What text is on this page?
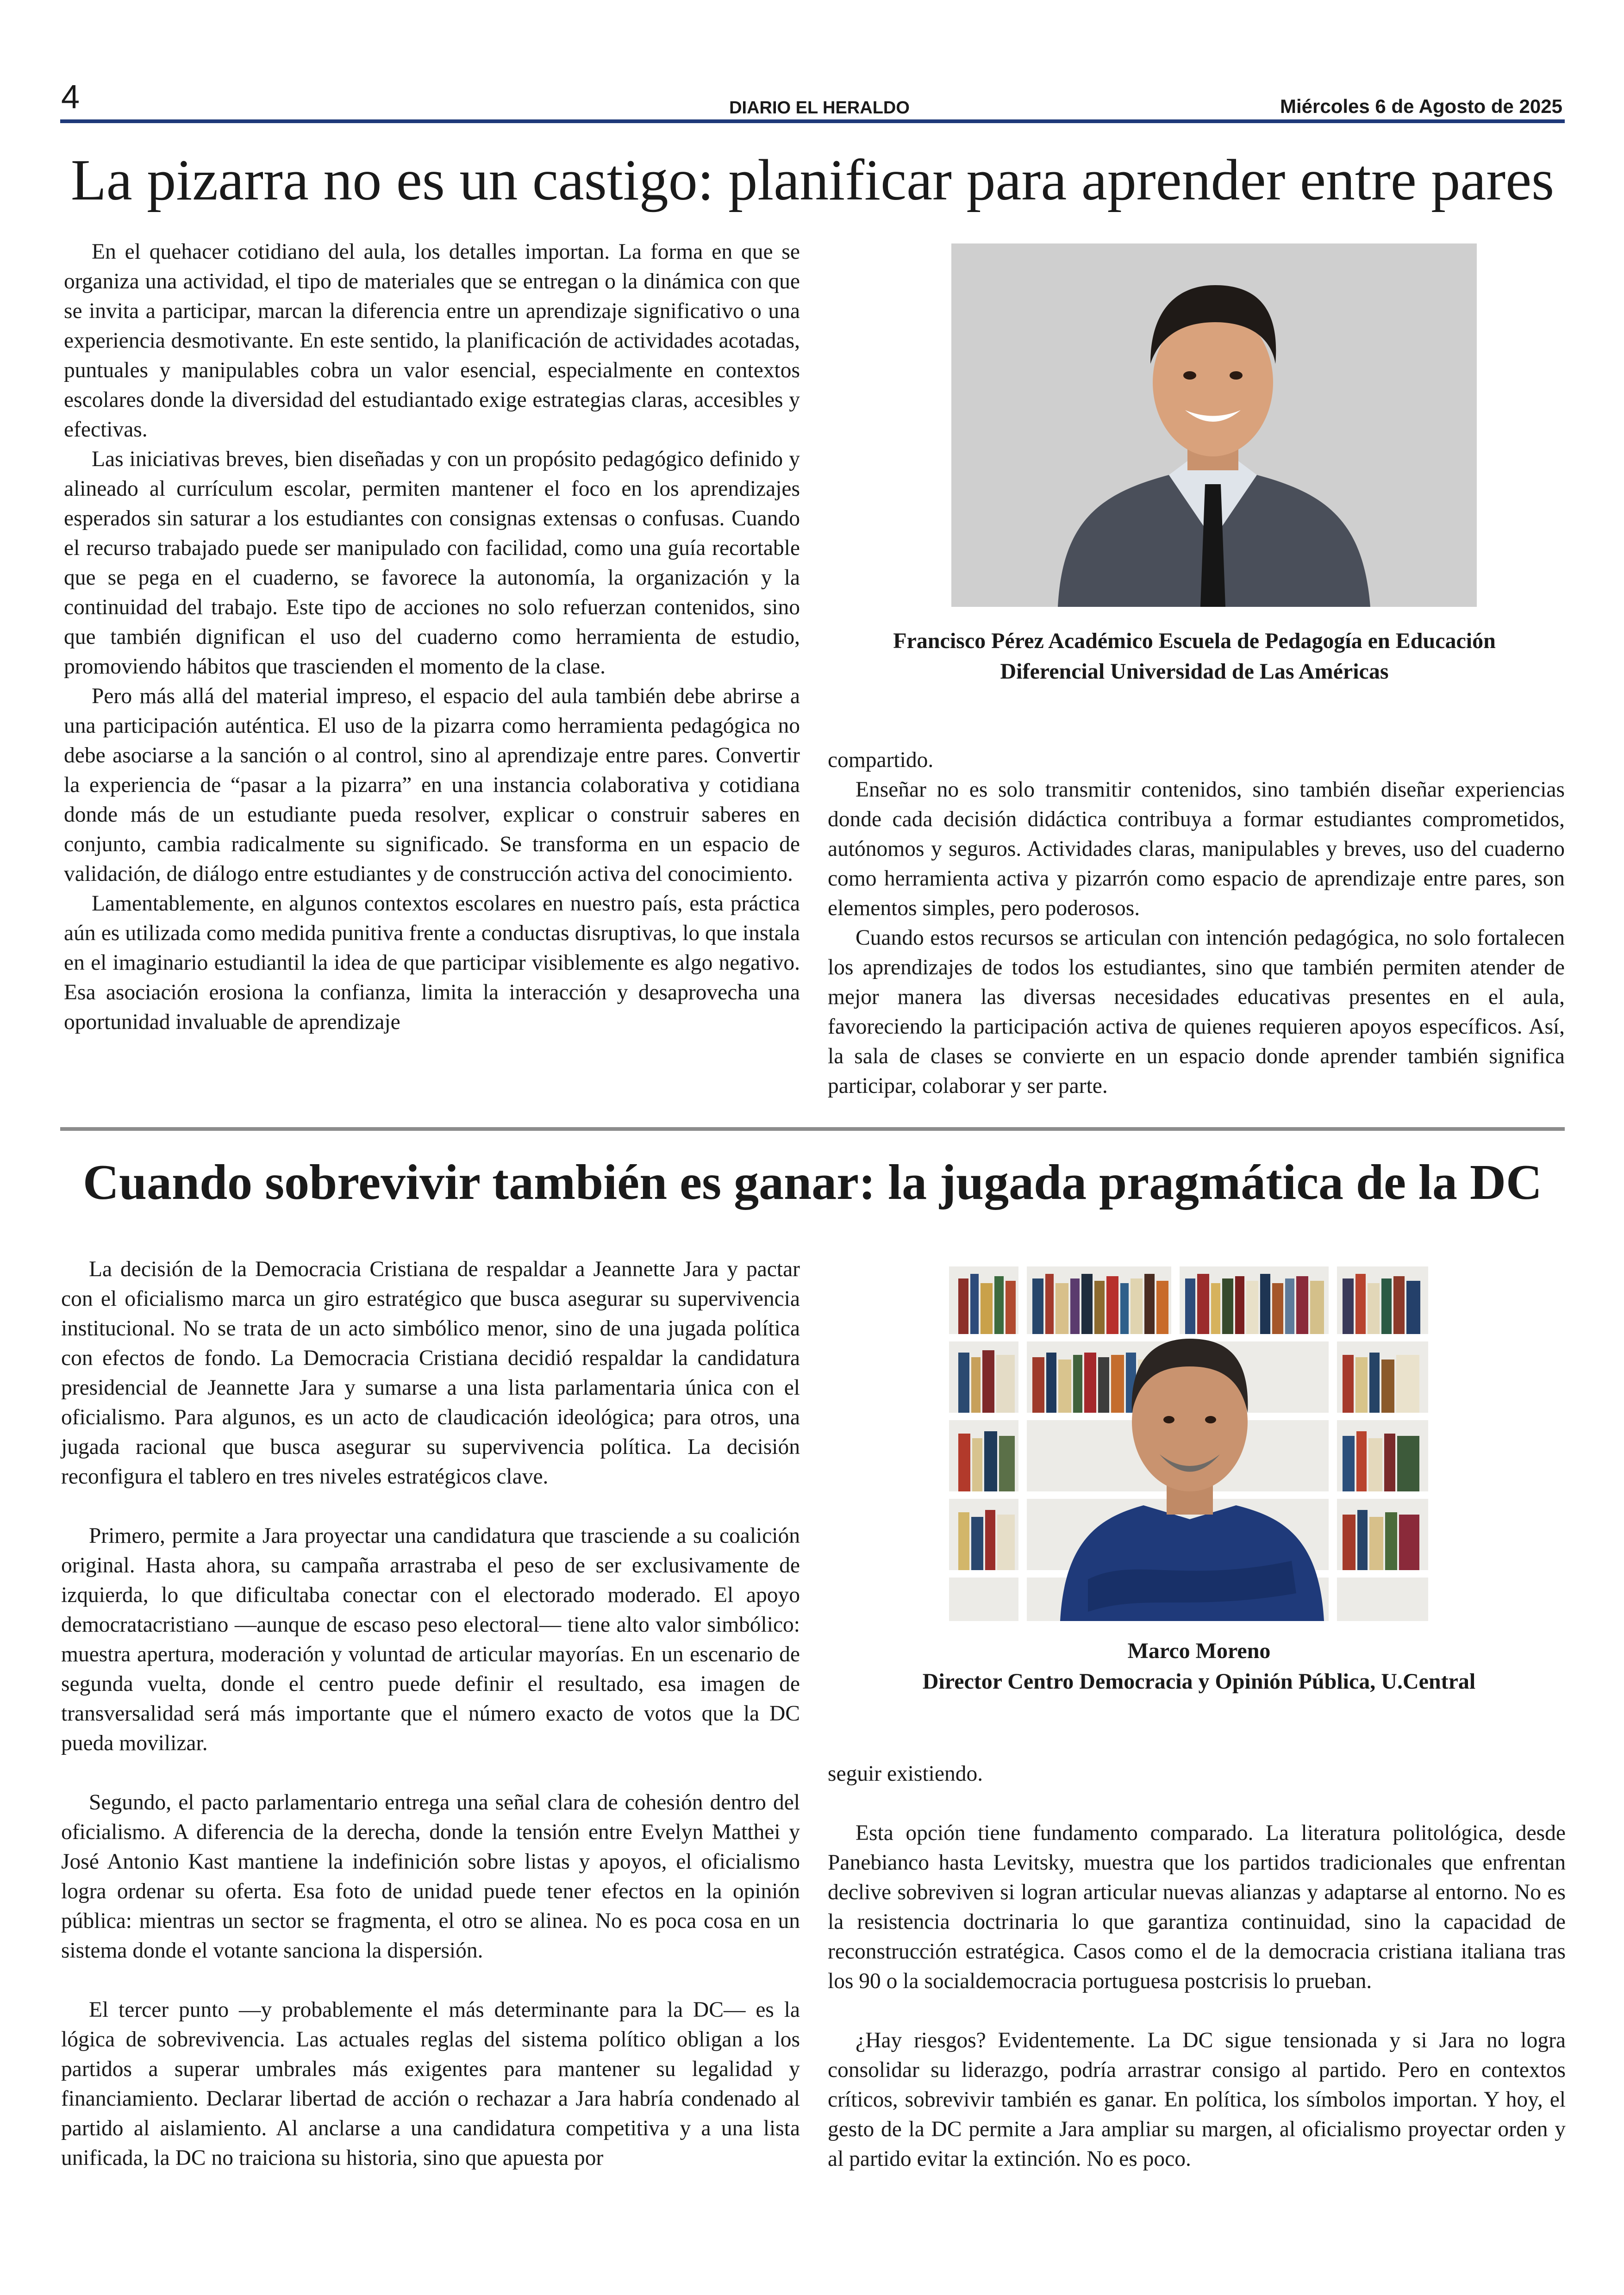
4	DIARIO EL HERALDO	Miércoles 6 de Agosto de 2025
La pizarra no es un castigo: planificar para aprender entre pares

En el quehacer cotidiano del aula, los detalles importan. La forma en que se organiza una actividad, el tipo de materiales que se entregan o la dinámica con que se invita a participar, marcan la diferencia entre un aprendizaje significativo o una experiencia desmotivante. En este sentido, la planificación de actividades acotadas, puntuales y manipulables cobra un valor esencial, especialmente en contextos escolares donde la diversidad del estudiantado exige estrategias claras, accesibles y efectivas.

Las iniciativas breves, bien diseñadas y con un propósito pedagógico definido y alineado al currículum escolar, permiten mantener el foco en los aprendizajes esperados sin saturar a los estudiantes con consignas extensas o confusas. Cuando el recurso trabajado puede ser manipulado con facilidad, como una guía recortable que se pega en el cuaderno, se favorece la autonomía, la organización y la continuidad del trabajo. Este tipo de acciones no solo refuerzan contenidos, sino que también dignifican el uso del cuaderno como herramienta de estudio, promoviendo hábitos que trascienden el momento de la clase.

Pero más allá del material impreso, el espacio del aula también debe abrirse a una participación auténtica. El uso de la pizarra como herramienta pedagógica no debe asociarse a la sanción o al control, sino al aprendizaje entre pares. Convertir la experiencia de “pasar a la pizarra” en una instancia colaborativa y cotidiana donde más de un estudiante pueda resolver, explicar o construir saberes en conjunto, cambia radicalmente su significado. Se transforma en un espacio de validación, de diálogo entre estudiantes y de construcción activa del conocimiento.

Lamentablemente, en algunos contextos escolares en nuestro país, esta práctica aún es utilizada como medida punitiva frente a conductas disruptivas, lo que instala en el imaginario estudiantil la idea de que participar visiblemente es algo negativo. Esa asociación erosiona la confianza, limita la interacción y desaprovecha una oportunidad invaluable de aprendizaje

Francisco Pérez Académico Escuela de Pedagogía en Educación
Diferencial Universidad de Las Américas

compartido.

Enseñar no es solo transmitir contenidos, sino también diseñar experiencias donde cada decisión didáctica contribuya a formar estudiantes comprometidos, autónomos y seguros. Actividades claras, manipulables y breves, uso del cuaderno como herramienta activa y pizarrón como espacio de aprendizaje entre pares, son elementos simples, pero poderosos.

Cuando estos recursos se articulan con intención pedagógica, no solo fortalecen los aprendizajes de todos los estudiantes, sino que también permiten atender de mejor manera las diversas necesidades educativas presentes en el aula, favoreciendo la participación activa de quienes requieren apoyos específicos. Así, la sala de clases se convierte en un espacio donde aprender también significa participar, colaborar y ser parte.

Cuando sobrevivir también es ganar: la jugada pragmática de la DC

La decisión de la Democracia Cristiana de respaldar a Jeannette Jara y pactar con el oficialismo marca un giro estratégico que busca asegurar su supervivencia institucional. No se trata de un acto simbólico menor, sino de una jugada política con efectos de fondo. La Democracia Cristiana decidió respaldar la candidatura presidencial de Jeannette Jara y sumarse a una lista parlamentaria única con el oficialismo. Para algunos, es un acto de claudicación ideológica; para otros, una jugada racional que busca asegurar su supervivencia política. La decisión reconfigura el tablero en tres niveles estratégicos clave.

Primero, permite a Jara proyectar una candidatura que trasciende a su coalición original. Hasta ahora, su campaña arrastraba el peso de ser exclusivamente de izquierda, lo que dificultaba conectar con el electorado moderado. El apoyo democratacristiano —aunque de escaso peso electoral— tiene alto valor simbólico: muestra apertura, moderación y voluntad de articular mayorías. En un escenario de segunda vuelta, donde el centro puede definir el resultado, esa imagen de transversalidad será más importante que el número exacto de votos que la DC pueda movilizar.

Segundo, el pacto parlamentario entrega una señal clara de cohesión dentro del oficialismo. A diferencia de la derecha, donde la tensión entre Evelyn Matthei y José Antonio Kast mantiene la indefinición sobre listas y apoyos, el oficialismo logra ordenar su oferta. Esa foto de unidad puede tener efectos en la opinión pública: mientras un sector se fragmenta, el otro se alinea. No es poca cosa en un sistema donde el votante sanciona la dispersión.

El tercer punto —y probablemente el más determinante para la DC— es la lógica de sobrevivencia. Las actuales reglas del sistema político obligan a los partidos a superar umbrales más exigentes para mantener su legalidad y financiamiento. Declarar libertad de acción o rechazar a Jara habría condenado al partido al aislamiento. Al anclarse a una candidatura competitiva y a una lista unificada, la DC no traiciona su historia, sino que apuesta por

Marco Moreno
Director Centro Democracia y Opinión Pública, U.Central

seguir existiendo.

Esta opción tiene fundamento comparado. La literatura politológica, desde Panebianco hasta Levitsky, muestra que los partidos tradicionales que enfrentan declive sobreviven si logran articular nuevas alianzas y adaptarse al entorno. No es la resistencia doctrinaria lo que garantiza continuidad, sino la capacidad de reconstrucción estratégica. Casos como el de la democracia cristiana italiana tras los 90 o la socialdemocracia portuguesa postcrisis lo prueban.

¿Hay riesgos? Evidentemente. La DC sigue tensionada y si Jara no logra consolidar su liderazgo, podría arrastrar consigo al partido. Pero en contextos críticos, sobrevivir también es ganar. En política, los símbolos importan. Y hoy, el gesto de la DC permite a Jara ampliar su margen, al oficialismo proyectar orden y al partido evitar la extinción. No es poco.
